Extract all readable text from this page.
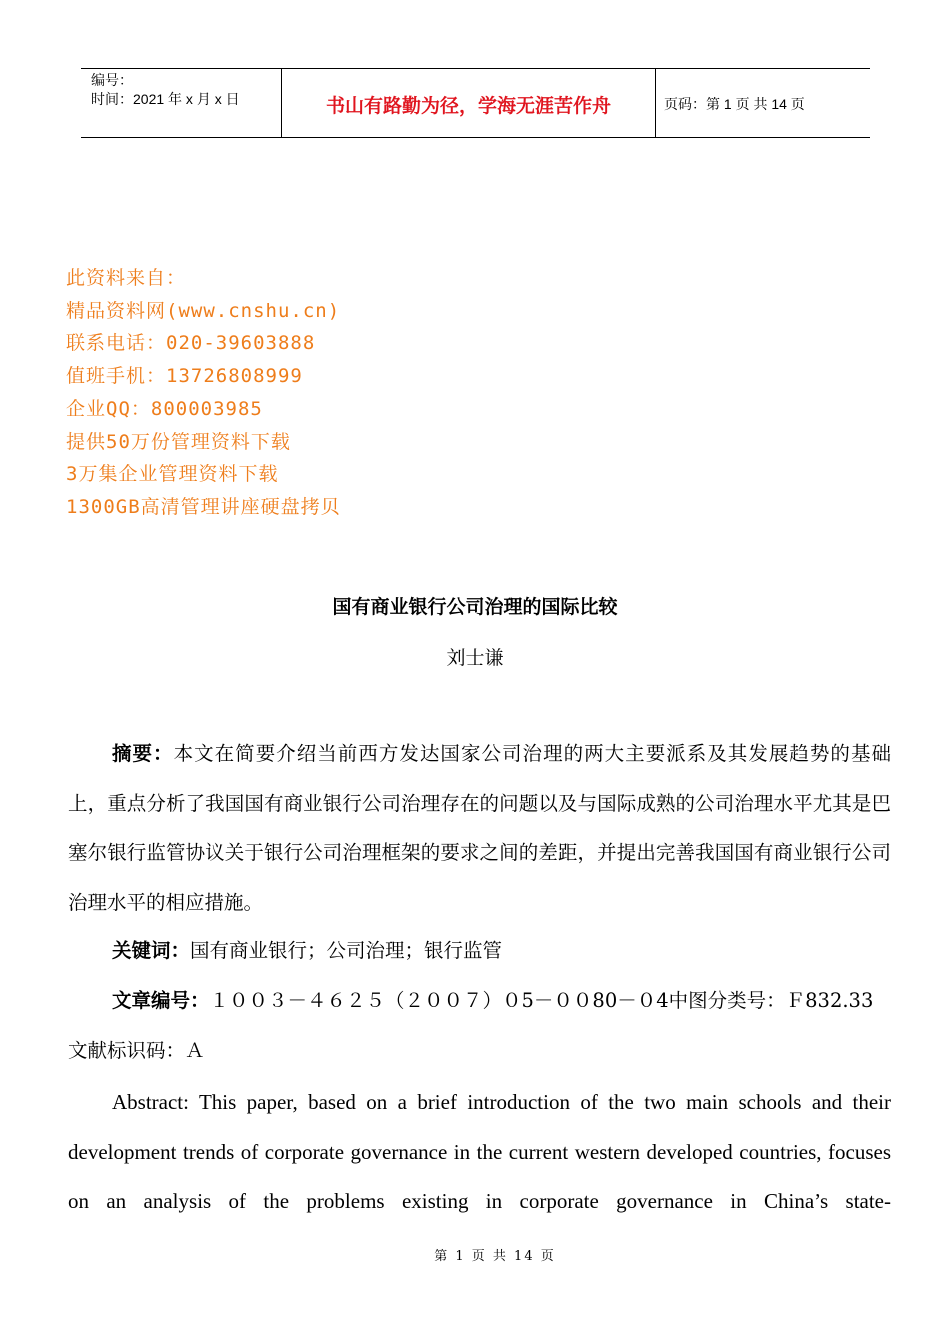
编号：
时间：2021 年 x 月 x 日	书山有路勤为径，学海无涯苦作舟	页码：第 1 页 共 14 页
此资料来自：
精品资料网(www.cnshu.cn)
联系电话：020-39603888
值班手机：13726808999
企业QQ：800003985
提供50万份管理资料下载
3万集企业管理资料下载
1300GB高清管理讲座硬盘拷贝
国有商业银行公司治理的国际比较
刘士谦
摘要：本文在简要介绍当前西方发达国家公司治理的两大主要派系及其发展趋势的基础上，重点分析了我国国有商业银行公司治理存在的问题以及与国际成熟的公司治理水平尤其是巴塞尔银行监管协议关于银行公司治理框架的要求之间的差距，并提出完善我国国有商业银行公司治理水平的相应措施。
关键词：国有商业银行；公司治理；银行监管
文章编号：１００３－４６２５（２００７）０5－００80－０4中图分类号：Ｆ832.33 文献标识码：Ａ
Abstract: This paper, based on a brief introduction of the two main schools and their development trends of corporate governance in the current western developed countries, focuses on an analysis of the problems existing in corporate governance in China’s state-
第 1 页 共 14 页
